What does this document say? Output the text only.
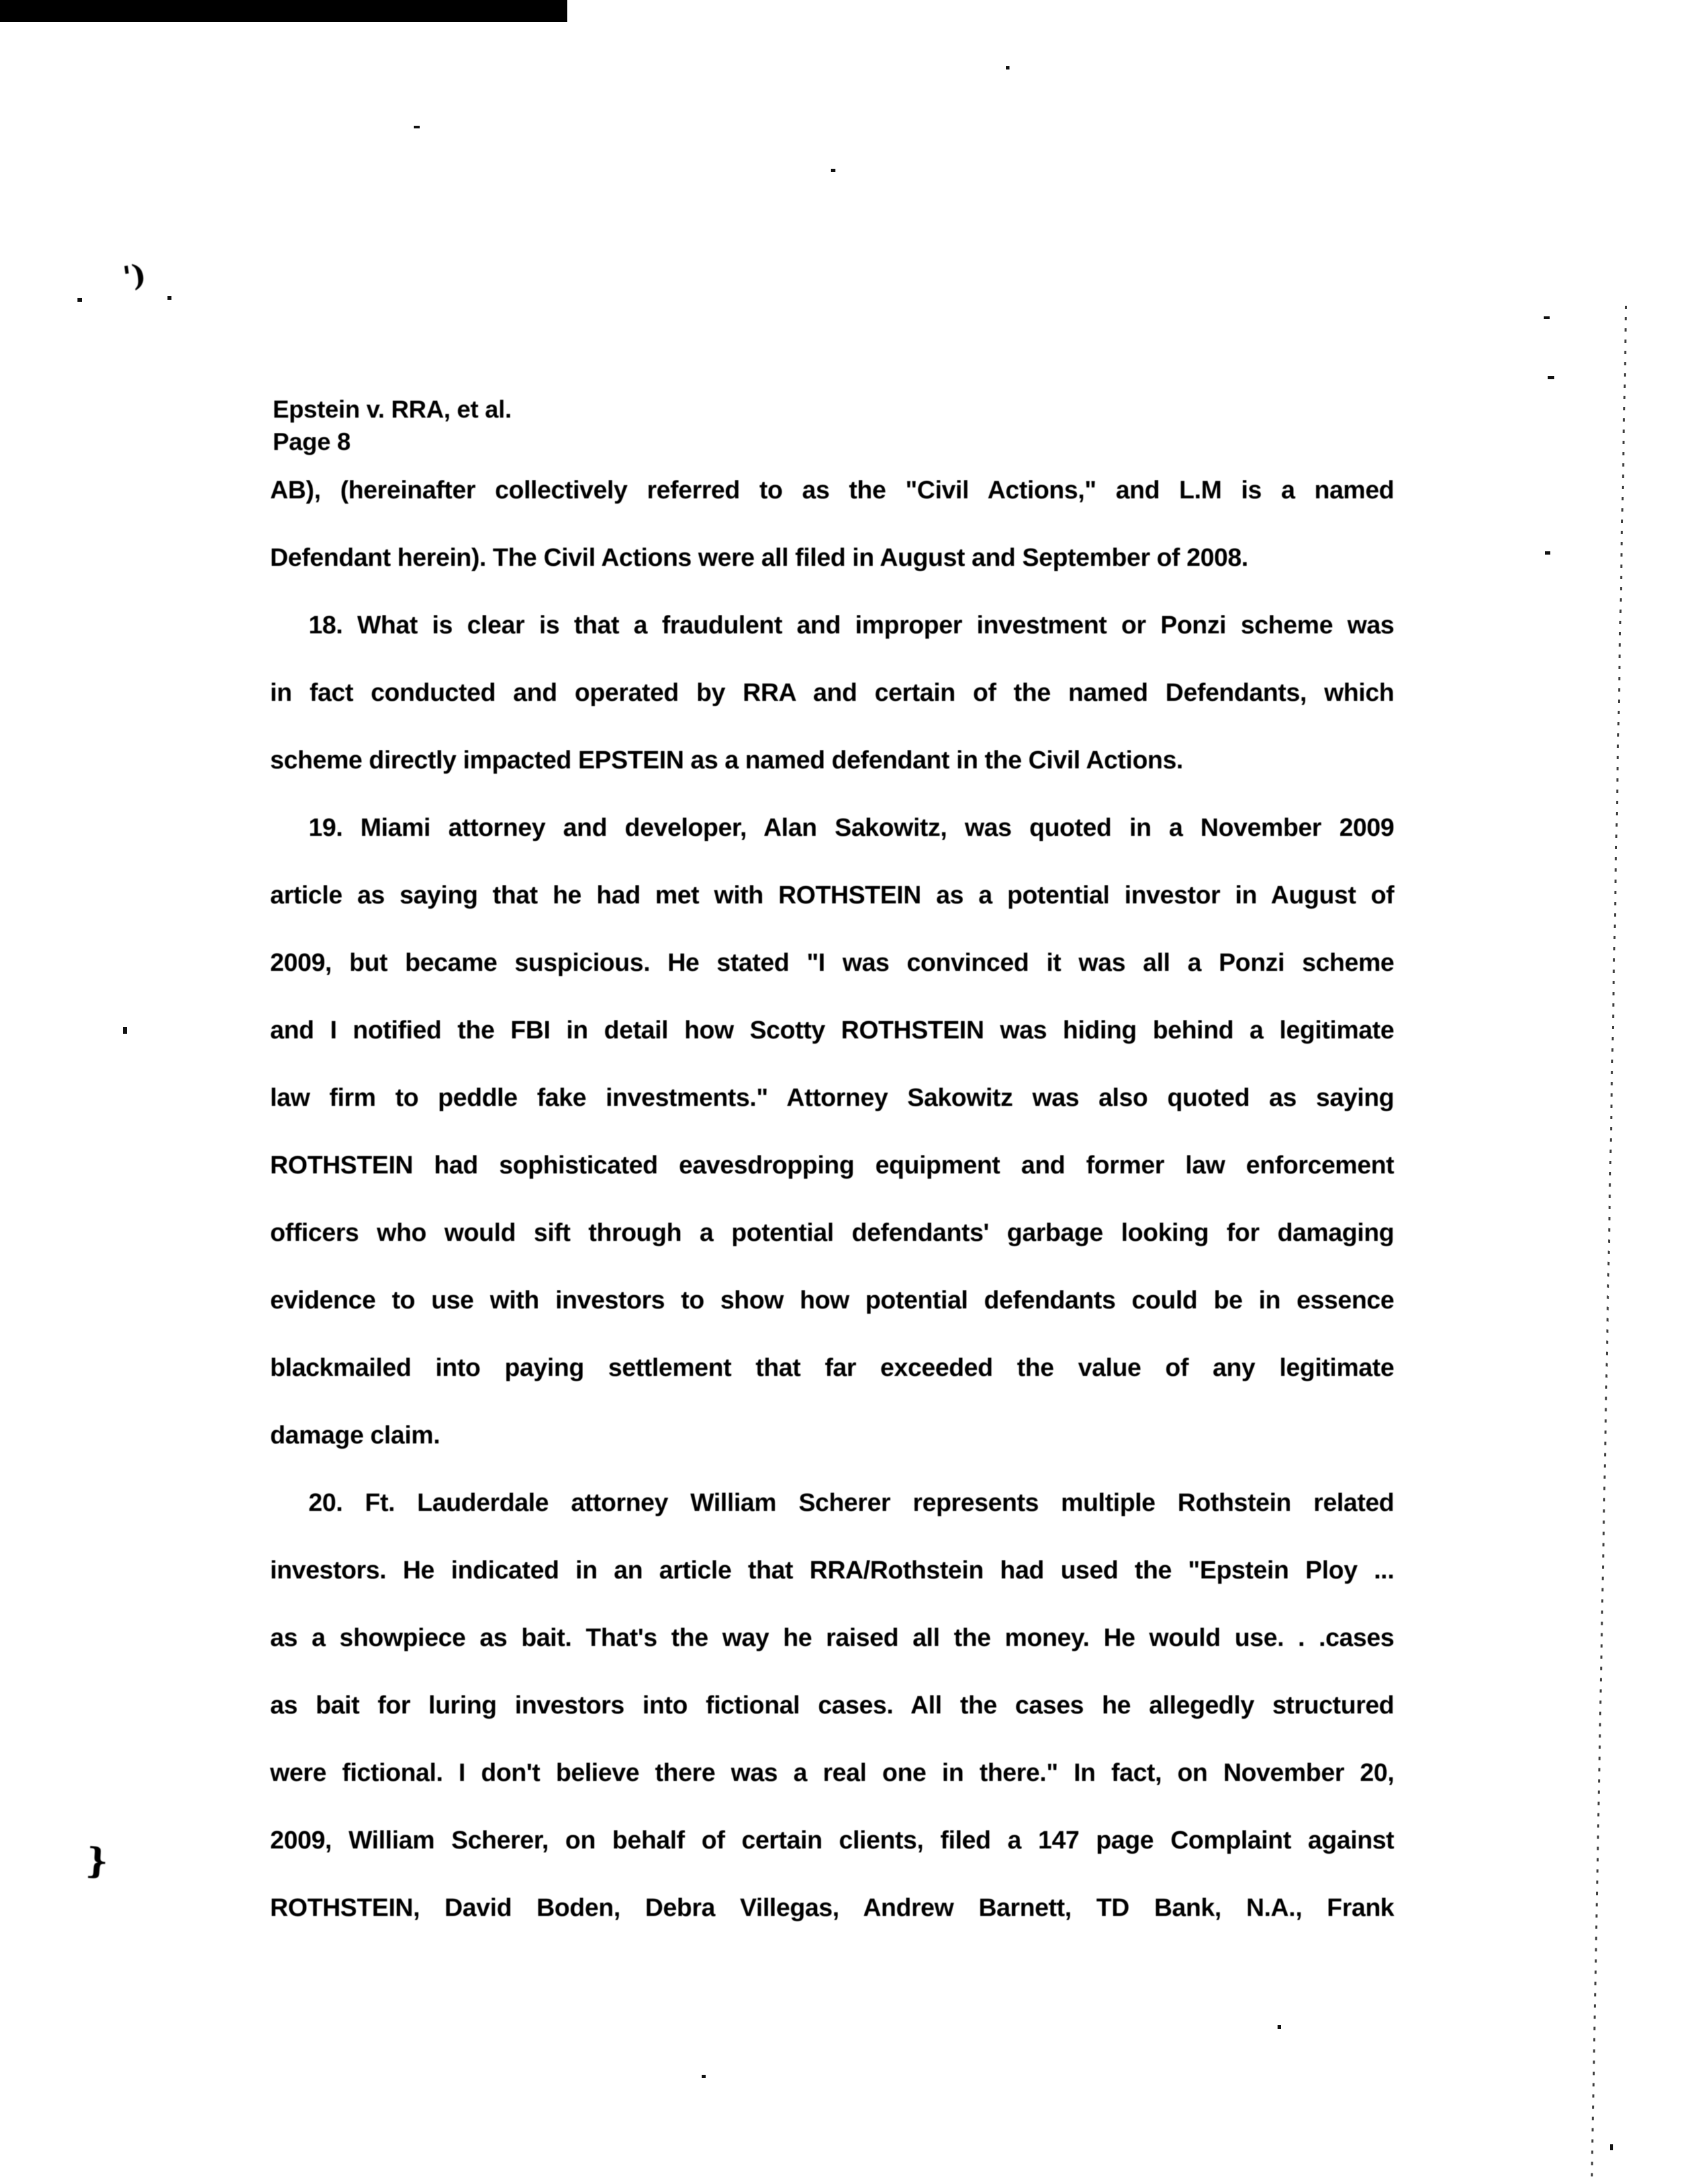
Epstein v. RRA, et al.
Page 8
AB), (hereinafter collectively referred to as the "Civil Actions," and L.M is a named
Defendant herein). The Civil Actions were all filed in August and September of 2008.
18. What is clear is that a fraudulent and improper investment or Ponzi scheme was
in fact conducted and operated by RRA and certain of the named Defendants, which
scheme directly impacted EPSTEIN as a named defendant in the Civil Actions.
19. Miami attorney and developer, Alan Sakowitz, was quoted in a November 2009
article as saying that he had met with ROTHSTEIN as a potential investor in August of
2009, but became suspicious. He stated "I was convinced it was all a Ponzi scheme
and I notified the FBI in detail how Scotty ROTHSTEIN was hiding behind a legitimate
law firm to peddle fake investments." Attorney Sakowitz was also quoted as saying
ROTHSTEIN had sophisticated eavesdropping equipment and former law enforcement
officers who would sift through a potential defendants' garbage looking for damaging
evidence to use with investors to show how potential defendants could be in essence
blackmailed into paying settlement that far exceeded the value of any legitimate
damage claim.
20. Ft. Lauderdale attorney William Scherer represents multiple Rothstein related
investors. He indicated in an article that RRA/Rothstein had used the "Epstein Ploy ...
as a showpiece as bait. That's the way he raised all the money. He would use. . .cases
as bait for luring investors into fictional cases. All the cases he allegedly structured
were fictional. I don't believe there was a real one in there." In fact, on November 20,
2009, William Scherer, on behalf of certain clients, filed a 147 page Complaint against
ROTHSTEIN, David Boden, Debra Villegas, Andrew Barnett, TD Bank, N.A., Frank
')
}
